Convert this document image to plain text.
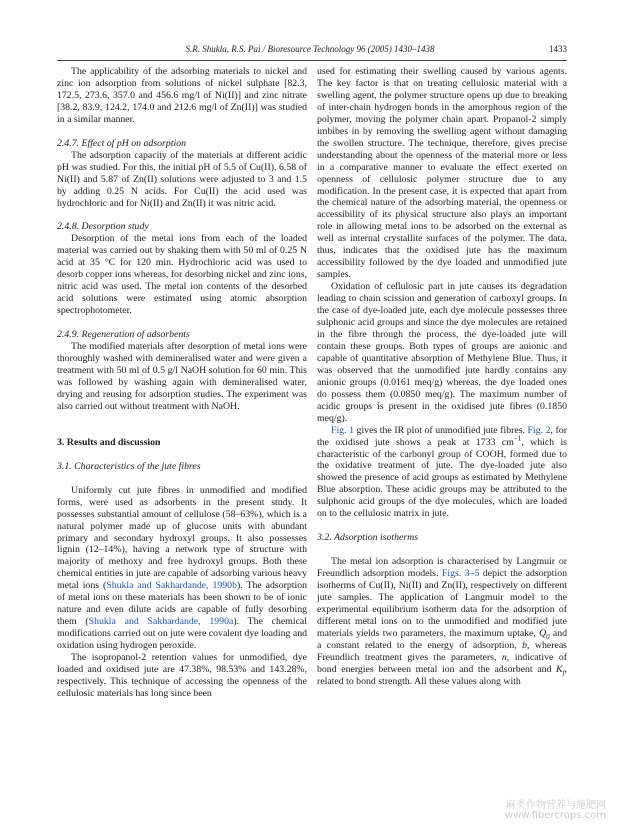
S.R. Shukla, R.S. Pai / Bioresource Technology 96 (2005) 1430–1438	1433

The applicability of the adsorbing materials to nickel and zinc ion adsorption from solutions of nickel sulphate [82.3, 172.5, 273.6, 357.0 and 456.6 mg/l of Ni(II)] and zinc nitrate [38.2, 83.9, 124.2, 174.0 and 212.6 mg/l of Zn(II)] was studied in a similar manner.

2.4.7. Effect of pH on adsorption

The adsorption capacity of the materials at different acidic pH was studied. For this, the initial pH of 5.5 of Cu(II), 6.58 of Ni(II) and 5.87 of Zn(II) solutions were adjusted to 3 and 1.5 by adding 0.25 N acids. For Cu(II) the acid used was hydrochloric and for Ni(II) and Zn(II) it was nitric acid.

2.4.8. Desorption study

Desorption of the metal ions from each of the loaded material was carried out by shaking them with 50 ml of 0.25 N acid at 35 °C for 120 min. Hydrochloric acid was used to desorb copper ions whereas, for desorbing nickel and zinc ions, nitric acid was used. The metal ion contents of the desorbed acid solutions were estimated using atomic absorption spectrophotometer.

2.4.9. Regeneration of adsorbents

The modified materials after desorption of metal ions were thoroughly washed with demineralised water and were given a treatment with 50 ml of 0.5 g/l NaOH solution for 60 min. This was followed by washing again with demineralised water, drying and reusing for adsorption studies. The experiment was also carried out without treatment with NaOH.

3. Results and discussion
3.1. Characteristics of the jute fibres

Uniformly cut jute fibres in unmodified and modified forms, were used as adsorbents in the present study. It possesses substantial amount of cellulose (58–63%), which is a natural polymer made up of glucose units with abundant primary and secondary hydroxyl groups. It also possesses lignin (12–14%), having a network type of structure with majority of methoxy and free hydroxyl groups. Both these chemical entities in jute are capable of adsorbing various heavy metal ions (Shukla and Sakhardande, 1990b). The adsorption of metal ions on these materials has been shown to be of ionic nature and even dilute acids are capable of fully desorbing them (Shukla and Sakhardande, 1990a). The chemical modifications carried out on jute were covalent dye loading and oxidation using hydrogen peroxide.

The isopropanol-2 retention values for unmodified, dye loaded and oxidised jute are 47.38%, 98.53% and 143.28%, respectively. This technique of accessing the openness of the cellulosic materials has long since been

used for estimating their swelling caused by various agents. The key factor is that on treating cellulosic material with a swelling agent, the polymer structure opens up due to breaking of inter-chain hydrogen bonds in the amorphous region of the polymer, moving the polymer chain apart. Propanol-2 simply imbibes in by removing the swelling agent without damaging the swollen structure. The technique, therefore, gives precise understanding about the openness of the material more or less in a comparative manner to evaluate the effect exerted on openness of cellulosic polymer structure due to any modification. In the present case, it is expected that apart from the chemical nature of the adsorbing material, the openness or accessibility of its physical structure also plays an important role in allowing metal ions to be adsorbed on the external as well as internal crystallite surfaces of the polymer. The data, thus, indicates that the oxidised jute has the maximum accessibility followed by the dye loaded and unmodified jute samples.

Oxidation of cellulosic part in jute causes its degradation leading to chain scission and generation of carboxyl groups. In the case of dye-loaded jute, each dye molecule possesses three sulphonic acid groups and since the dye molecules are retained in the fibre through the process, the dye-loaded jute will contain these groups. Both types of groups are anionic and capable of quantitative absorption of Methylene Blue. Thus, it was observed that the unmodified jute hardly contains any anionic groups (0.0161 meq/g) whereas, the dye loaded ones do possess them (0.0850 meq/g). The maximum number of acidic groups is present in the oxidised jute fibres (0.1850 meq/g).

Fig. 1 gives the IR plot of unmodified jute fibres. Fig. 2, for the oxidised jute shows a peak at 1733 $cm^{-1}$, which is characteristic of the carbonyl group of COOH, formed due to the oxidative treatment of jute. The dye-loaded jute also showed the presence of acid groups as estimated by Methylene Blue absorption. These acidic groups may be attributed to the sulphonic acid groups of the dye molecules, which are loaded on to the cellulosic matrix in jute.

3.2. Adsorption isotherms

The metal ion adsorption is characterised by Langmuir or Freundlich adsorption models. Figs. 3–5 depict the adsorption isotherms of Cu(II), Ni(II) and Zn(II), respectively on different jute samples. The application of Langmuir model to the experimental equilibrium isotherm data for the adsorption of different metal ions on to the unmodified and modified jute materials yields two parameters, the maximum uptake, $Q_0$ and a constant related to the energy of adsorption, b, whereas Freundlich treatment gives the parameters, n, indicative of bond energies between metal ion and the adsorbent and $K_f$, related to bond strength. All these values along with

麻类作物营养与施肥网
www.fibercrops.com
